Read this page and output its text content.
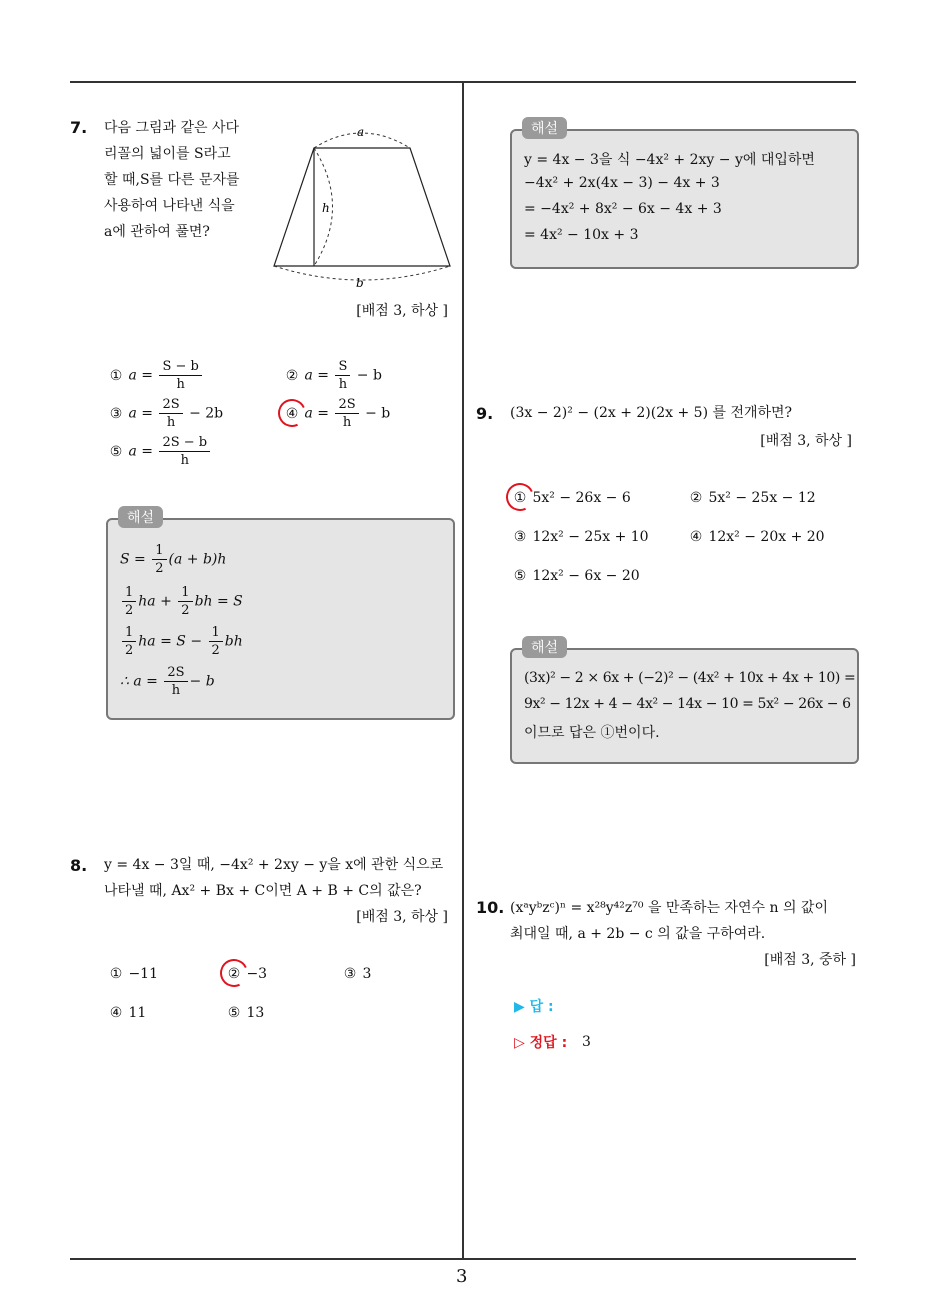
3
7. 다음 그림과 같은 사다
리꼴의 넓이를 S라고
할 때,S를 다른 문자를
사용하여 나타낸 식을
a에 관하여 풀면?
a
h
b
[배점 3, 하상 ]
① $a = \frac{S - b}{h}$	② $a = \frac{S}{h} - b$
③ $a = \frac{2S}{h} - 2b$	④ $a = \frac{2S}{h} - b$
⑤ $a = \frac{2S - b}{h}$
$S = \frac{1}{2} (a + b)h$
$\frac{1}{2}$ ha + $\frac{1}{2}$ bh = S
$\frac{1}{2}$ ha = $S - \frac{1}{2}$ bh
∴ $a = \frac{2S}{h} - b$
해설
8. y = 4x − 3일 때, −4x² + 2xy − y을 x에 관한 식으로
나타낼 때, Ax² + Bx + C이면 A + B + C의 값은?
[배점 3, 하상 ]
① −11	② −3	③ 3
④ 11	⑤ 13
y = 4x − 3을 식 −4x² + 2xy − y에 대입하면
−4x² + 2x(4x − 3) − 4x + 3
= −4x² + 8x² − 6x − 4x + 3
= 4x² − 10x + 3
해설
9. (3x − 2)² − (2x + 2)(2x + 5) 를 전개하면?
[배점 3, 하상 ]
① 5x² − 26x − 6	② 5x² − 25x − 12
③ 12x² − 25x + 10	④ 12x² − 20x + 20
⑤ 12x² − 6x − 20
(3x)² − 2 × 6x + (−2)² − (4x² + 10x + 4x + 10) =
9x² − 12x + 4 − 4x² − 14x − 10 = 5x² − 26x − 6
이므로 답은 ①번이다.
해설
10. (xᵃyᵇzᶜ)ⁿ = x²⁸y⁴²z⁷⁰ 을 만족하는 자연수 n 의 값이
최대일 때, a + 2b − c 의 값을 구하여라.
[배점 3, 중하 ]
▶ 답 :
▷ 정답 : 3
